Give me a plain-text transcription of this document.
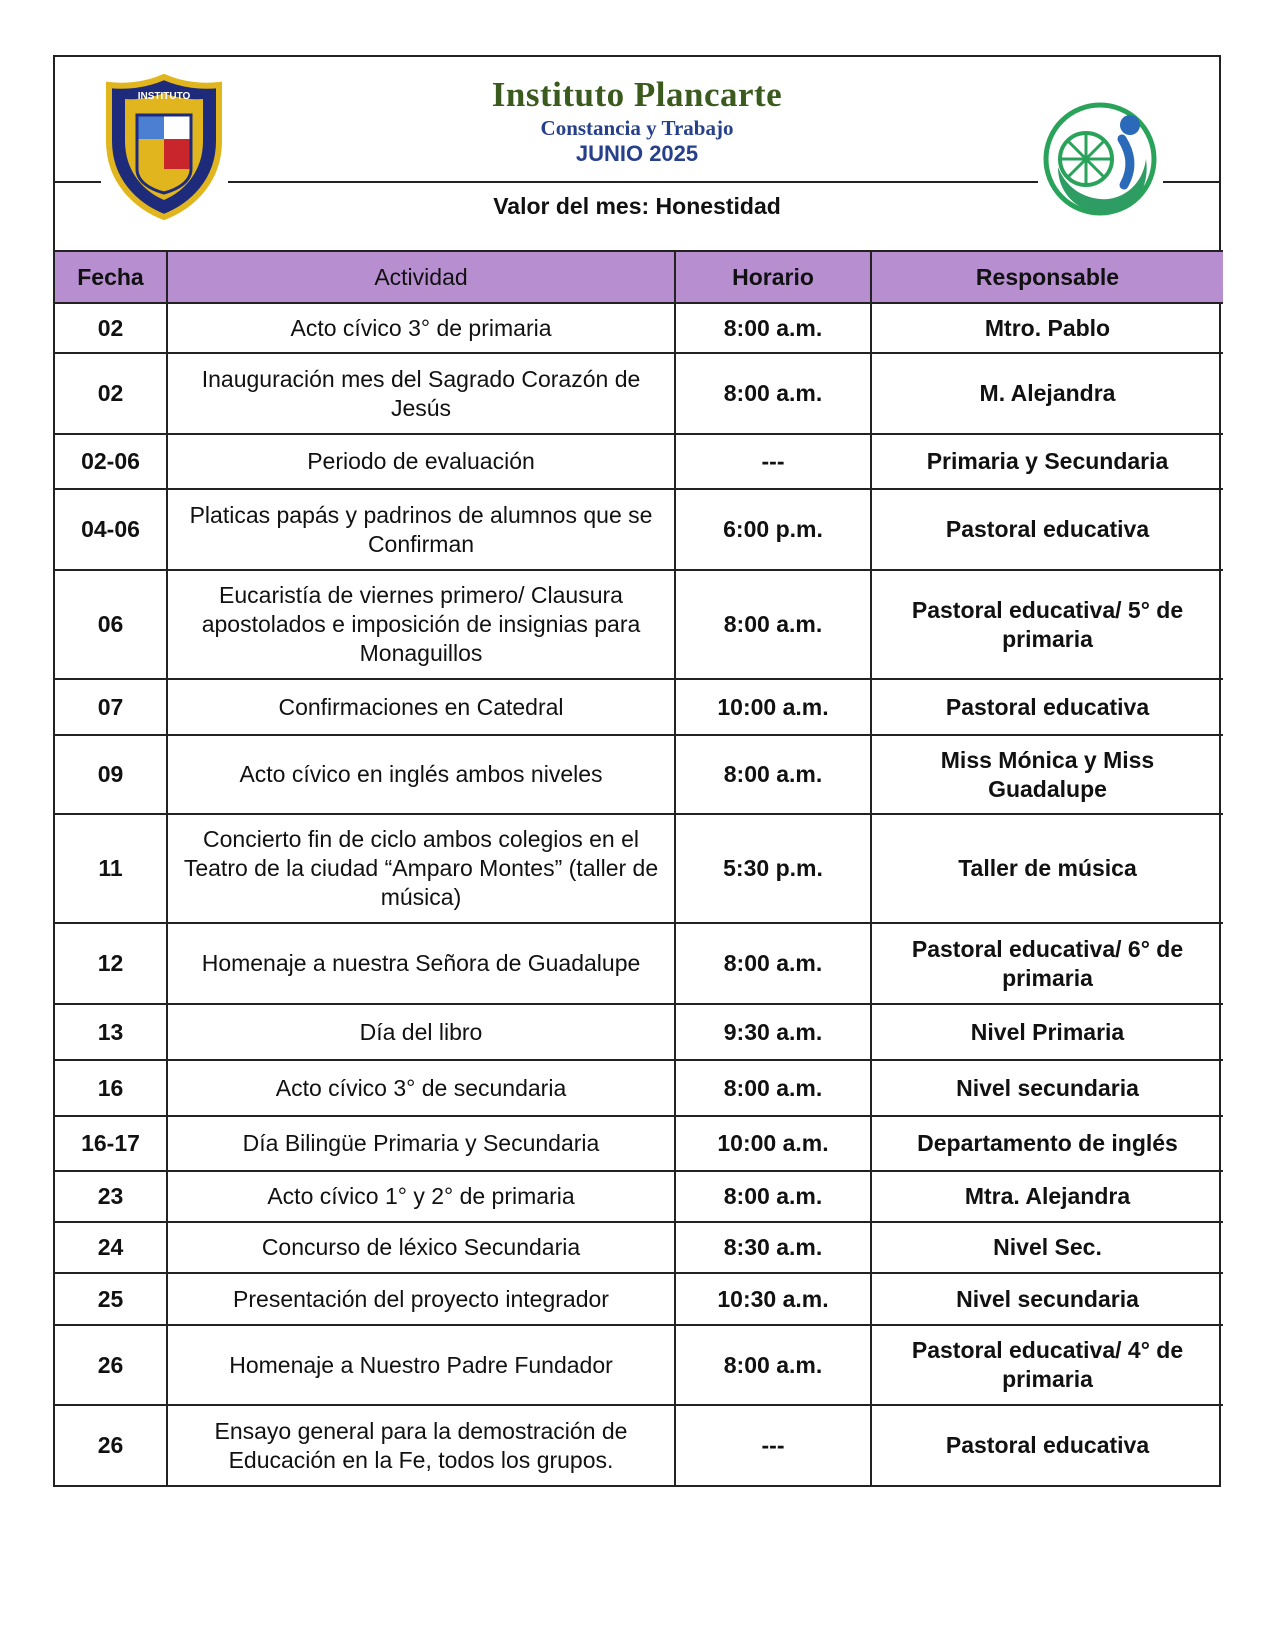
INSTITUTO	Instituto Plancarte
Constancia y Trabajo
JUNIO 2025
Valor del mes: Honestidad
Fecha	Actividad	Horario	Responsable
02	Acto cívico 3° de primaria	8:00 a.m.	Mtro. Pablo
02	Inauguración mes del Sagrado Corazón de Jesús	8:00 a.m.	M. Alejandra
02-06	Periodo de evaluación	---	Primaria y Secundaria
04-06	Platicas papás y padrinos de alumnos que se Confirman	6:00 p.m.	Pastoral educativa
06	Eucaristía de viernes primero/ Clausura apostolados e imposición de insignias para Monaguillos	8:00 a.m.	Pastoral educativa/ 5° de primaria
07	Confirmaciones en Catedral	10:00 a.m.	Pastoral educativa
09	Acto cívico en inglés ambos niveles	8:00 a.m.	Miss Mónica y Miss Guadalupe
11	Concierto fin de ciclo ambos colegios en el Teatro de la ciudad “Amparo Montes” (taller de música)	5:30 p.m.	Taller de música
12	Homenaje a nuestra Señora de Guadalupe	8:00 a.m.	Pastoral educativa/ 6° de primaria
13	Día del libro	9:30 a.m.	Nivel Primaria
16	Acto cívico 3° de secundaria	8:00 a.m.	Nivel secundaria
16-17	Día Bilingüe Primaria y Secundaria	10:00 a.m.	Departamento de inglés
23	Acto cívico 1° y 2° de primaria	8:00 a.m.	Mtra. Alejandra
24	Concurso de léxico Secundaria	8:30 a.m.	Nivel Sec.
25	Presentación del proyecto integrador	10:30 a.m.	Nivel secundaria
26	Homenaje a Nuestro Padre Fundador	8:00 a.m.	Pastoral educativa/ 4° de primaria
26	Ensayo general para la demostración de Educación en la Fe, todos los grupos.	---	Pastoral educativa
